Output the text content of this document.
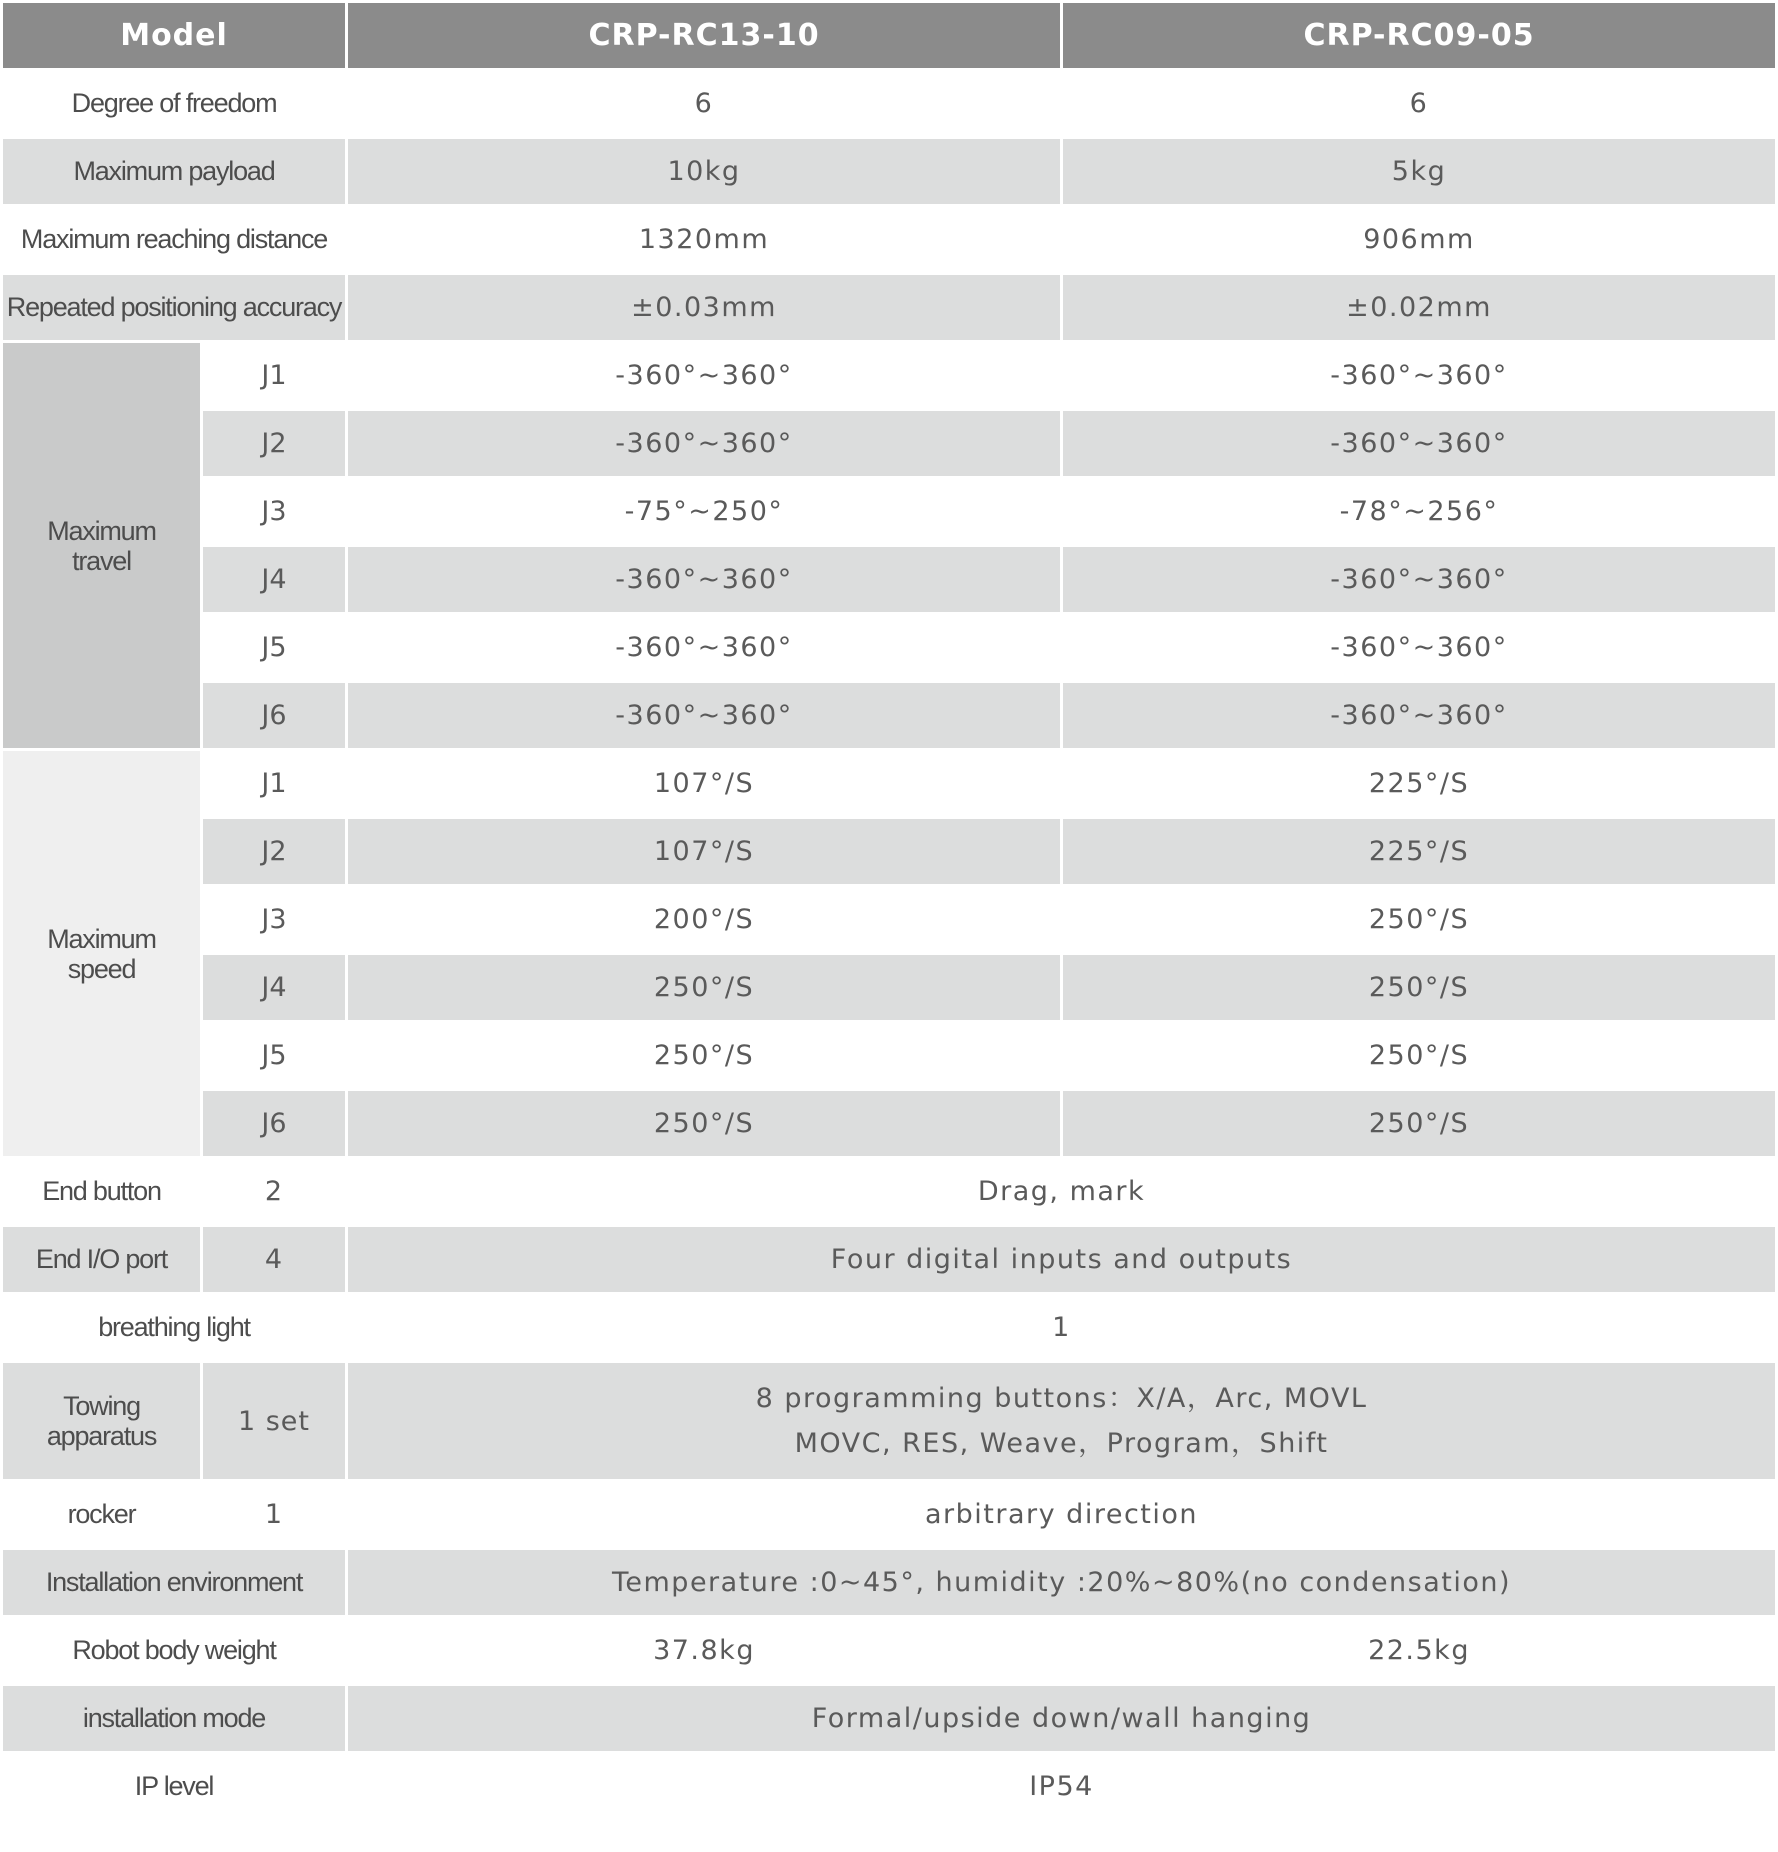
Model		CRP-RC13-10	CRP-RC09-05
Degree of freedom		6	6
Maximum payload		10kg	5kg
Maximum reaching distance		1320mm	906mm
Repeated positioning accuracy		±0.03mm	±0.02mm
Maximum
travel	J1	-360°~360°	-360°~360°
	J2	-360°~360°	-360°~360°
	J3	-75°~250°	-78°~256°
	J4	-360°~360°	-360°~360°
	J5	-360°~360°	-360°~360°
	J6	-360°~360°	-360°~360°
Maximum
speed	J1	107°/S	225°/S
	J2	107°/S	225°/S
	J3	200°/S	250°/S
	J4	250°/S	250°/S
	J5	250°/S	250°/S
	J6	250°/S	250°/S
End button	2	Drag, mark	
End I/O port	4	Four digital inputs and outputs	
breathing light		1	
Towing
apparatus	1 set	8 programming buttons：X/A，Arc, MOVL
MOVC, RES, Weave，Program，Shift	
rocker	1	arbitrary direction	
Installation environment		Temperature :0~45°, humidity :20%~80%(no condensation)	
Robot body weight		37.8kg	22.5kg
installation mode		Formal/upside down/wall hanging	
IP level		IP54	
